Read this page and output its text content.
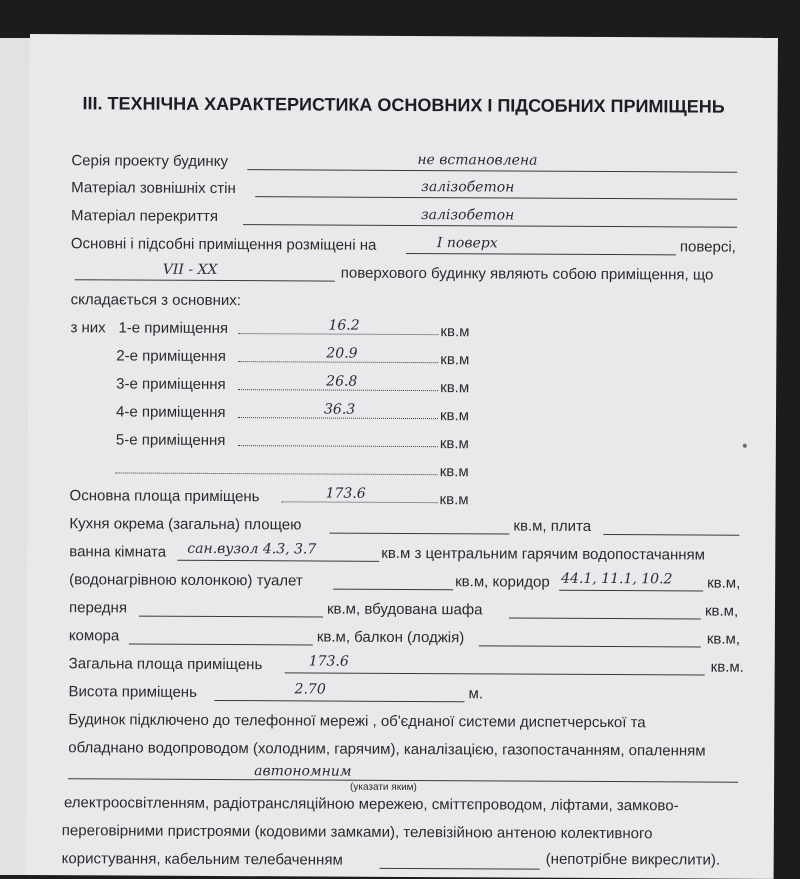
ІІІ. ТЕХНІЧНА ХАРАКТЕРИСТИКА ОСНОВНИХ І ПІДСОБНИХ ПРИМІЩЕНЬ
Серія проекту будинку	не встановлена
Матеріал зовнішніх стін	залізобетон
Матеріал перекриття	залізобетон
Основні і підсобні приміщення розміщені на	I поверх	поверсі,
VII - XX	поверхового будинку являють собою приміщення, що
складається з основних:
з них 1-е приміщення	16.2	кв.м
2-е приміщення	20.9	кв.м
3-е приміщення	26.8	кв.м
4-е приміщення	36.3	кв.м
5-е приміщення	кв.м
кв.м
Основна площа приміщень	173.6	кв.м
Кухня окрема (загальна) площею	кв.м, плита
ванна кімната сан.вузол 4.3, 3.7	кв.м з центральним гарячим водопостачанням
(водонагрівною колонкою) туалет	кв.м, коридор 44.1, 11.1, 10.2 кв.м,
передня	кв.м, вбудована шафа	кв.м,
комора	кв.м, балкон (лоджія)	кв.м,
Загальна площа приміщень	173.6	кв.м.
Висота приміщень	2.70	м.
Будинок підключено до телефонної мережі , об'єднаної системи диспетчерської та
обладнано водопроводом (холодним, гарячим), каналізацією, газопостачанням, опаленням
автономним
(указати яким)
електроосвітленням, радіотрансляційною мережею, сміттєпроводом, ліфтами, замково-
переговірними пристроями (кодовими замками), телевізійною антеною колективного
користування, кабельним телебаченням	(непотрібне викреслити).
